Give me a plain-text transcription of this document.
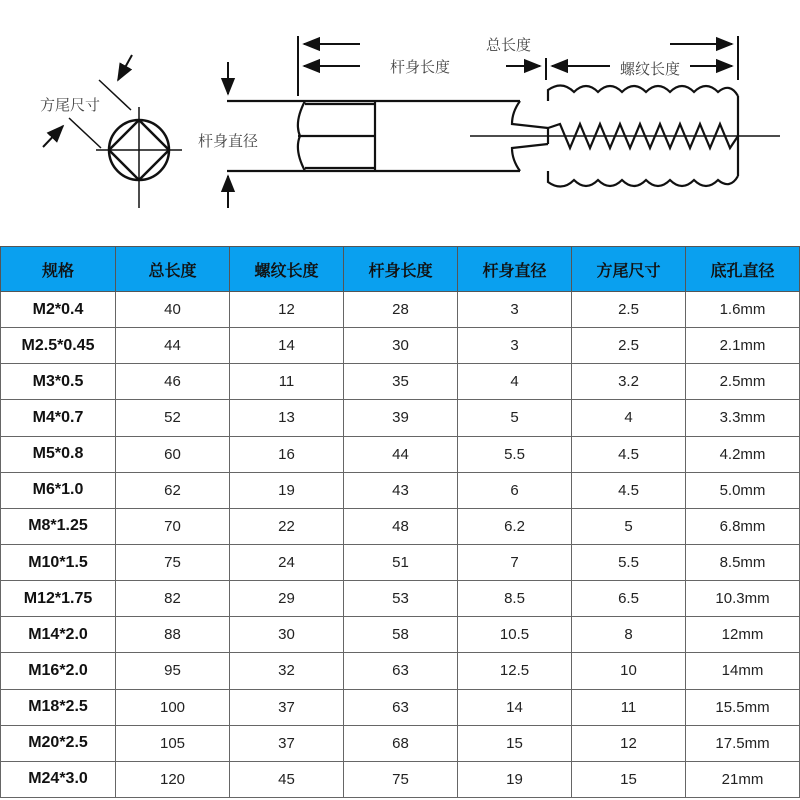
方尾尺寸
杆身直径
总长度
杆身长度	螺纹长度
规格	总长度	螺纹长度	杆身长度	杆身直径	方尾尺寸	底孔直径
M2*0.4	40	12	28	3	2.5	1.6mm
M2.5*0.45	44	14	30	3	2.5	2.1mm
M3*0.5	46	11	35	4	3.2	2.5mm
M4*0.7	52	13	39	5	4	3.3mm
M5*0.8	60	16	44	5.5	4.5	4.2mm
M6*1.0	62	19	43	6	4.5	5.0mm
M8*1.25	70	22	48	6.2	5	6.8mm
M10*1.5	75	24	51	7	5.5	8.5mm
M12*1.75	82	29	53	8.5	6.5	10.3mm
M14*2.0	88	30	58	10.5	8	12mm
M16*2.0	95	32	63	12.5	10	14mm
M18*2.5	100	37	63	14	11	15.5mm
M20*2.5	105	37	68	15	12	17.5mm
M24*3.0	120	45	75	19	15	21mm
